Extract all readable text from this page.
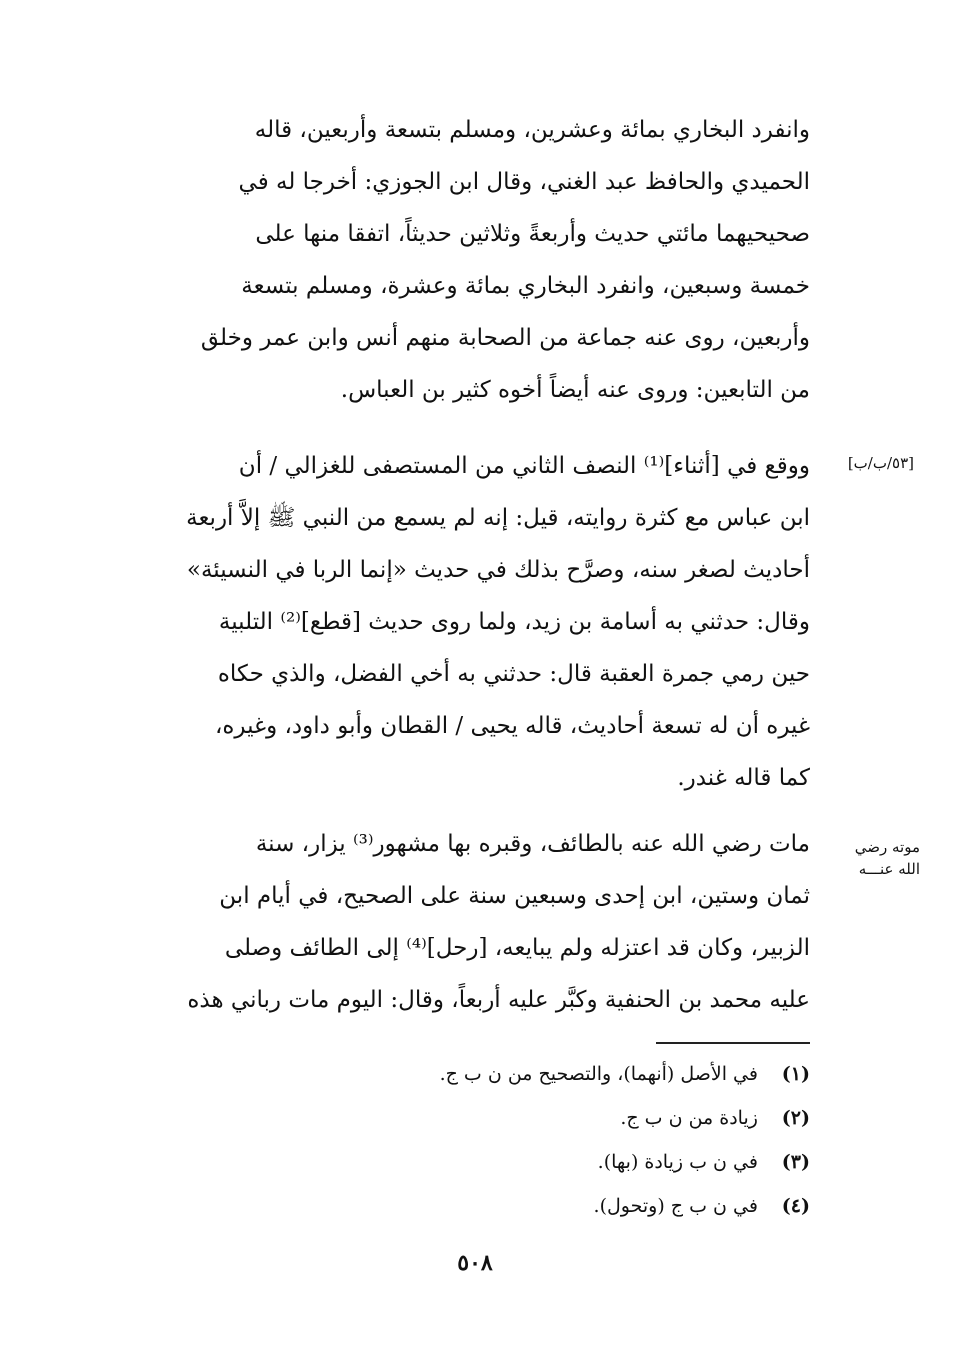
وانفرد البخاري بمائة وعشرين، ومسلم بتسعة وأربعين، قاله
الحميدي والحافظ عبد الغني، وقال ابن الجوزي: أخرجا له في
صحيحيهما مائتي حديث وأربعةً وثلاثين حديثاً، اتفقا منها على
خمسة وسبعين، وانفرد البخاري بمائة وعشرة، ومسلم بتسعة
وأربعين، روى عنه جماعة من الصحابة منهم أنس وابن عمر وخلق
من التابعين: وروى عنه أيضاً أخوه كثير بن العباس.
[٥٣/ب/ب]
ووقع في [أثناء]⁽¹⁾ النصف الثاني من المستصفى للغزالي / أن
ابن عباس مع كثرة روايته، قيل: إنه لم يسمع من النبي ﷺ إلاَّ أربعة
أحاديث لصغر سنه، وصرَّح بذلك في حديث «إنما الربا في النسيئة»
وقال: حدثني به أسامة بن زيد، ولما روى حديث [قطع]⁽²⁾ التلبية
حين رمي جمرة العقبة قال: حدثني به أخي الفضل، والذي حكاه
غيره أن له تسعة أحاديث، قاله يحيى / القطان وأبو داود، وغيره،
كما قاله غندر.
موته رضي
الله عنـــه
مات رضي الله عنه بالطائف، وقبره بها مشهور⁽³⁾ يزار، سنة
ثمان وستين، ابن إحدى وسبعين سنة على الصحيح، في أيام ابن
الزبير، وكان قد اعتزله ولم يبايعه، [رحل]⁽⁴⁾ إلى الطائف وصلى
عليه محمد بن الحنفية وكبَّر عليه أربعاً، وقال: اليوم مات رباني هذه
(١) في الأصل (أنهما)، والتصحيح من ن ب ج.
(٢) زيادة من ن ب ج.
(٣) في ن ب زيادة (بها).
(٤) في ن ب ج (وتحول).
٥٠٨
